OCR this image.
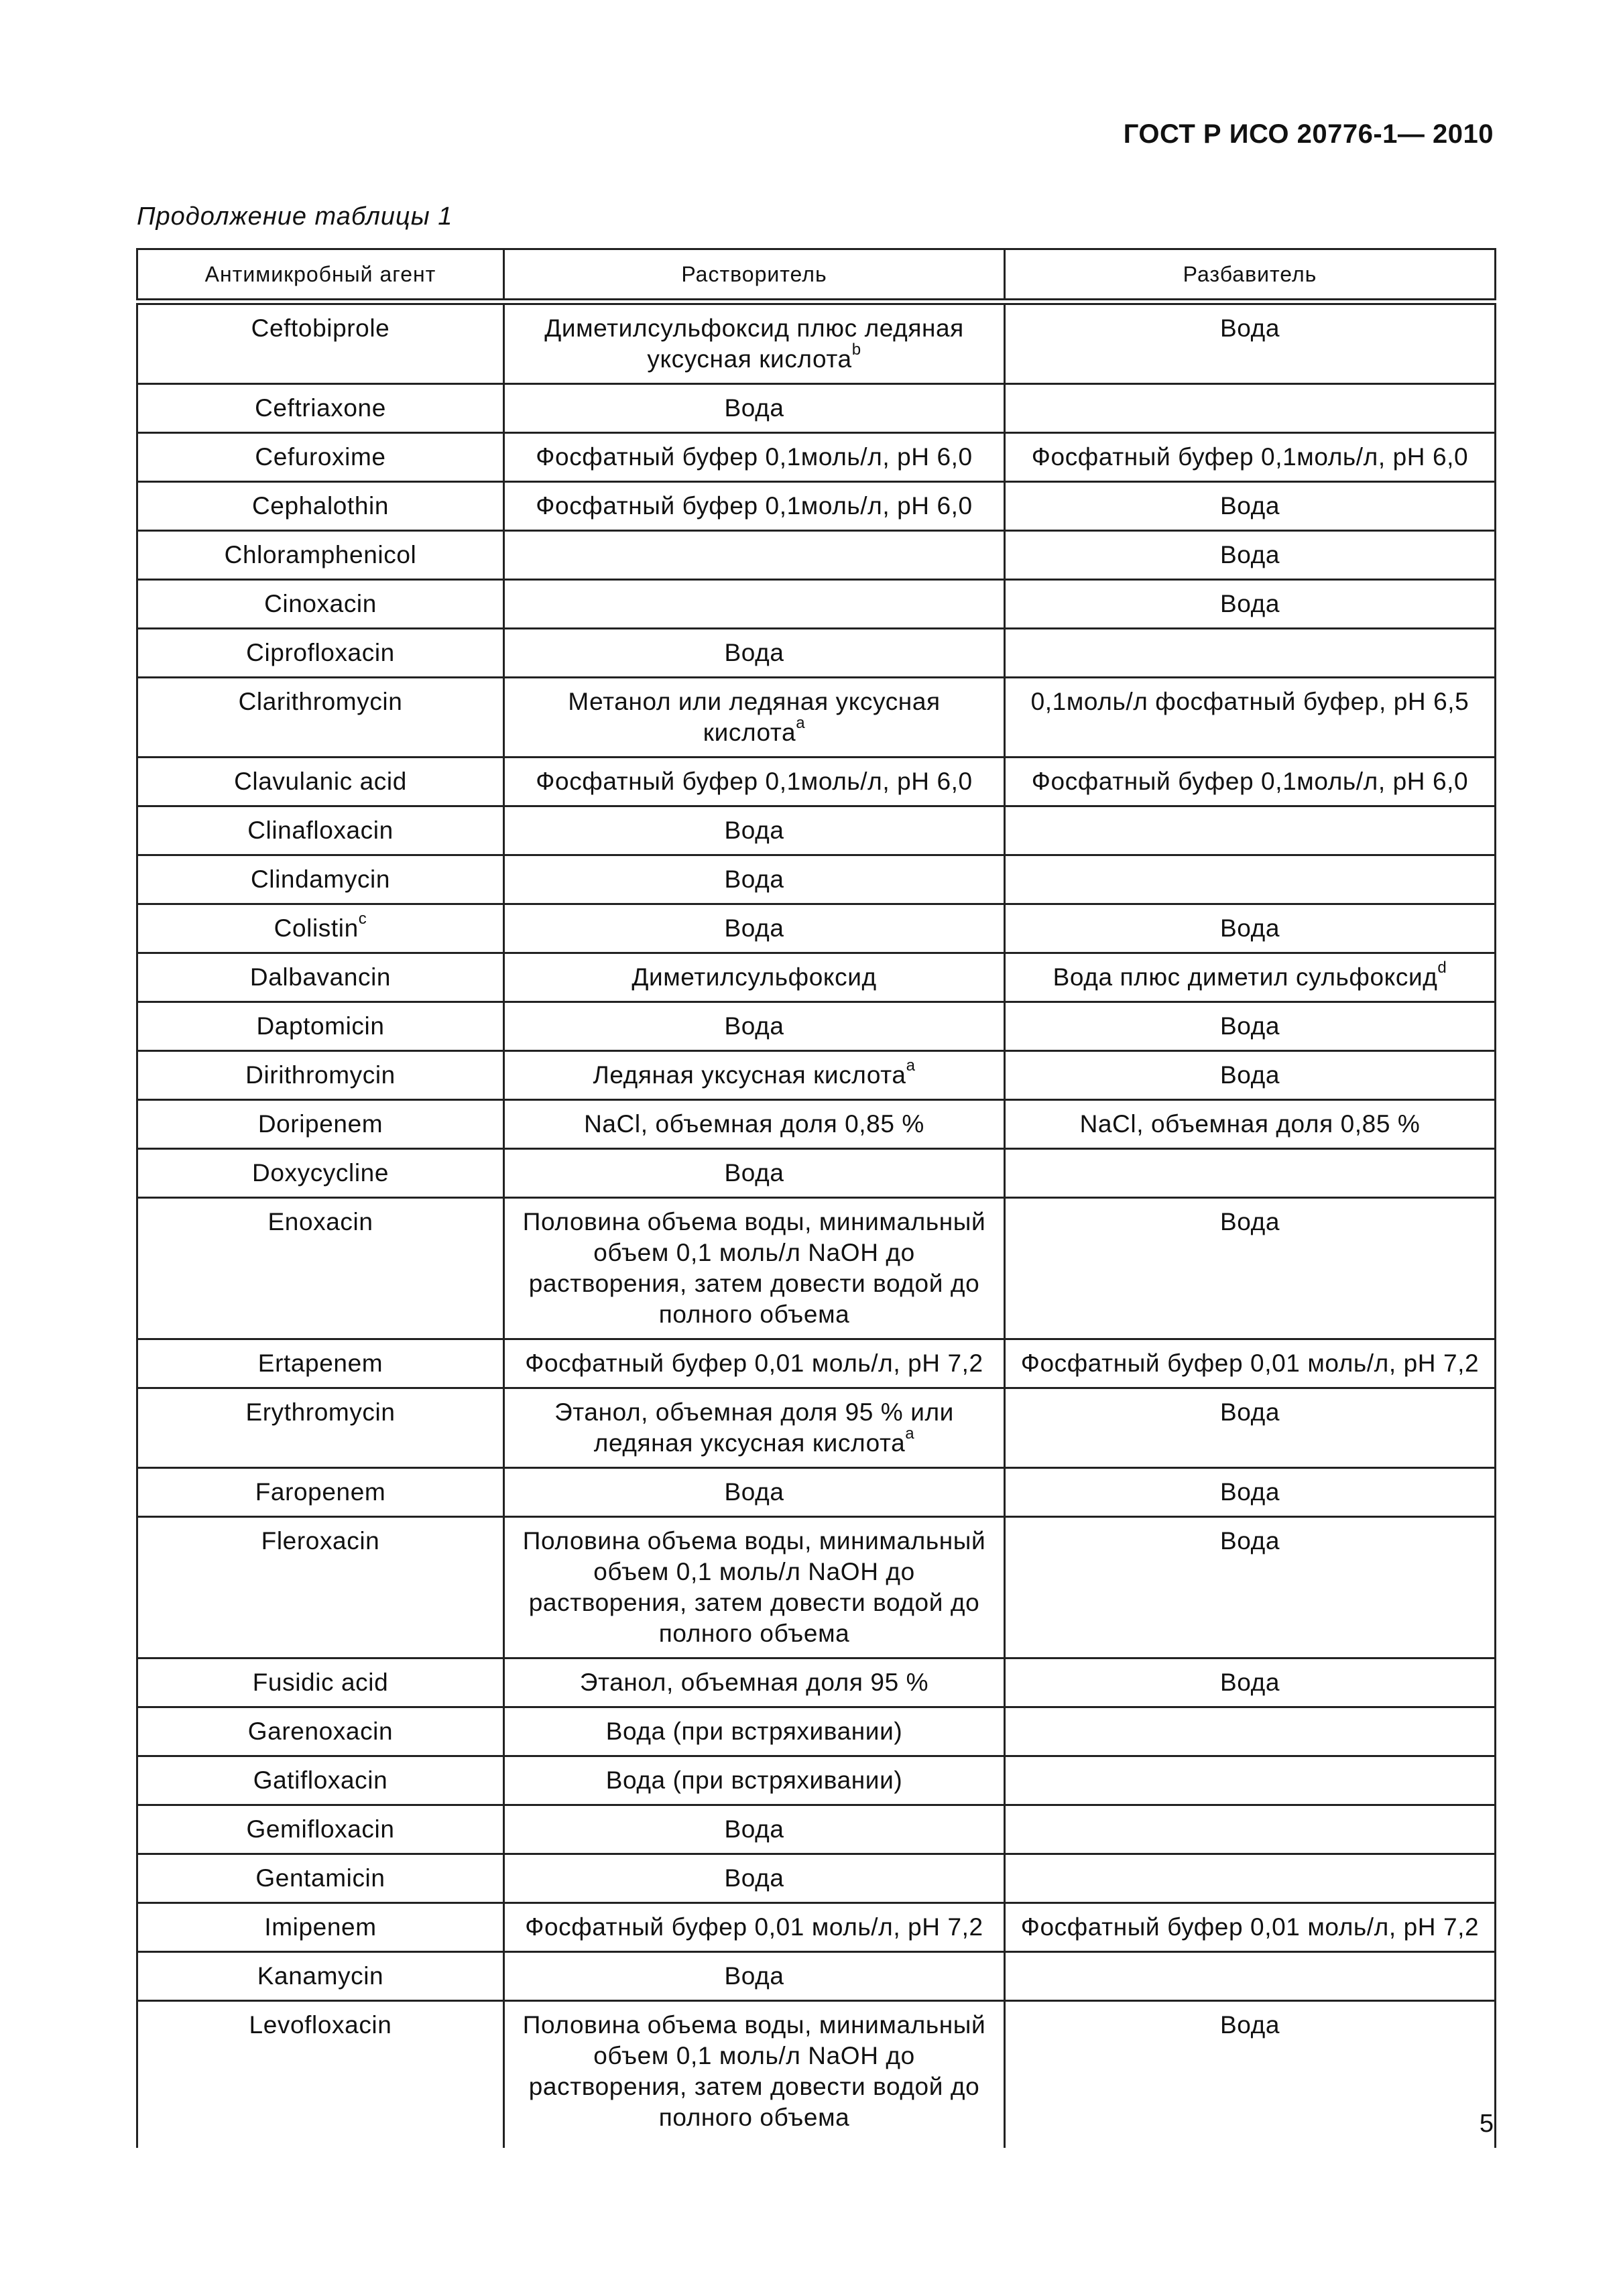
ГОСТ Р ИСО 20776-1— 2010
Продолжение таблицы 1
Антимикробный агент	Растворитель	Разбавитель
Ceftobiprole	Диметилсульфоксид плюс ледяная уксусная кислота$^b$	Вода
Ceftriaxone	Вода	
Cefuroxime	Фосфатный буфер 0,1моль/л, pH 6,0	Фосфатный буфер 0,1моль/л, pH 6,0
Cephalothin	Фосфатный буфер 0,1моль/л, pH 6,0	Вода
Chloramphenicol		Вода
Cinoxacin		Вода
Ciprofloxacin	Вода	
Clarithromycin	Метанол или ледяная уксусная кислота$^a$	0,1моль/л фосфатный буфер, pH 6,5
Clavulanic acid	Фосфатный буфер 0,1моль/л, pH 6,0	Фосфатный буфер 0,1моль/л, pH 6,0
Clinafloxacin	Вода	
Clindamycin	Вода	
Colistin$^c$	Вода	Вода
Dalbavancin	Диметилсульфоксид	Вода плюс диметил сульфоксид$^d$
Daptomicin	Вода	Вода
Dirithromycin	Ледяная уксусная кислота$^a$	Вода
Doripenem	NaCl, объемная доля 0,85 %	NaCl, объемная доля 0,85 %
Doxycycline	Вода	
Enoxacin	Половина объема воды, минимальный объем 0,1 моль/л NaOH до растворения, затем довести водой до полного объема	Вода
Ertapenem	Фосфатный буфер 0,01 моль/л, pH 7,2	Фосфатный буфер 0,01 моль/л, pH 7,2
Erythromycin	Этанол, объемная доля 95 % или ледяная уксусная кислота$^a$	Вода
Faropenem	Вода	Вода
Fleroxacin	Половина объема воды, минимальный объем 0,1 моль/л NaOH до растворения, затем довести водой до полного объема	Вода
Fusidic acid	Этанол, объемная доля 95 %	Вода
Garenoxacin	Вода (при встряхивании)	
Gatifloxacin	Вода (при встряхивании)	
Gemifloxacin	Вода	
Gentamicin	Вода	
Imipenem	Фосфатный буфер 0,01 моль/л, pH 7,2	Фосфатный буфер 0,01 моль/л, pH 7,2
Kanamycin	Вода	
Levofloxacin	Половина объема воды, минимальный объем 0,1 моль/л NaOH до растворения, затем довести водой до полного объема	Вода
5
